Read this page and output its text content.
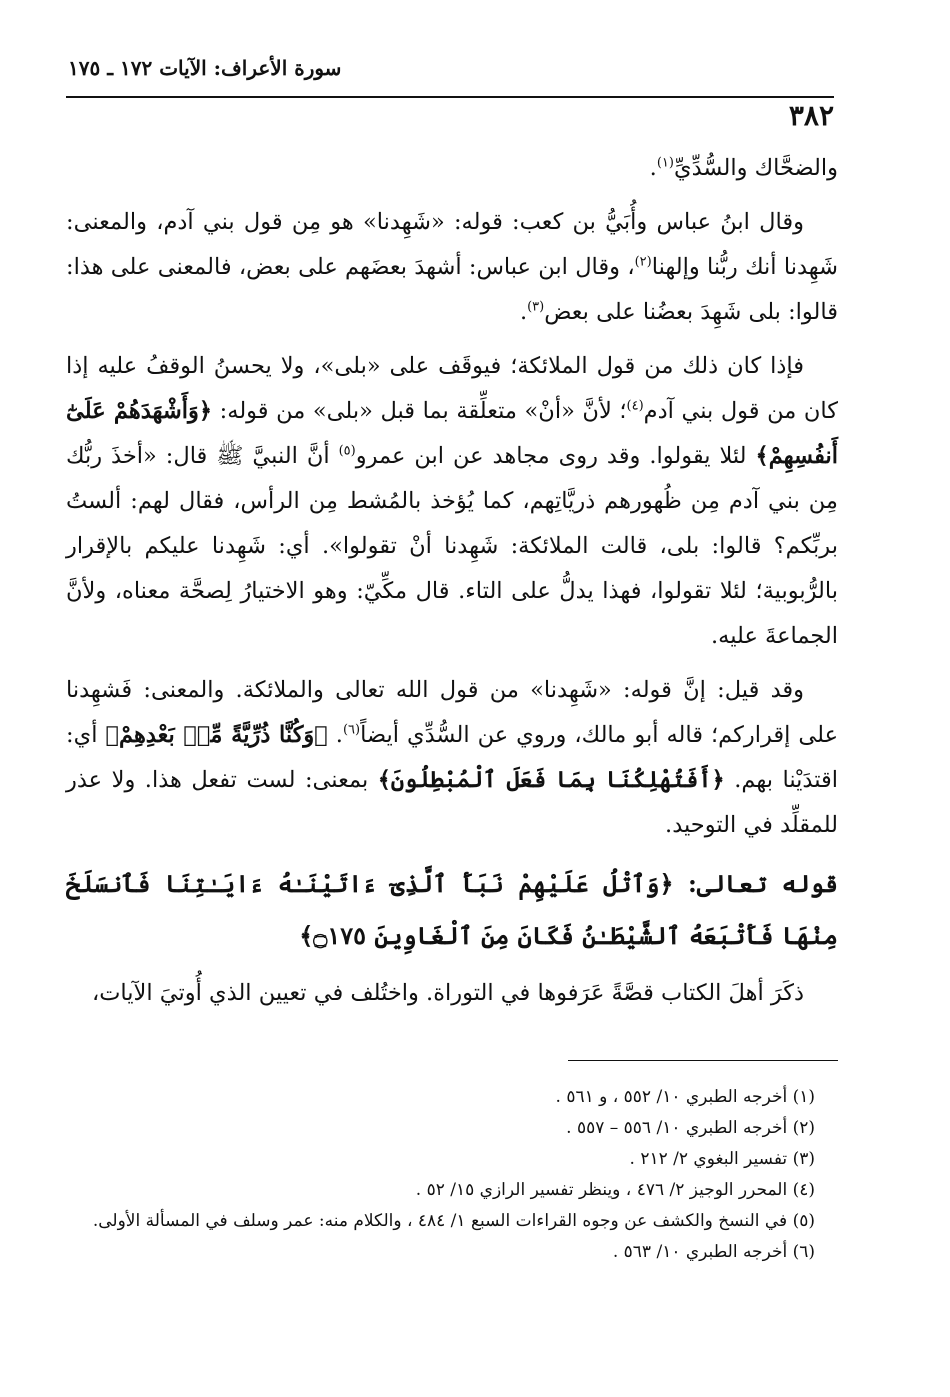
٣٨٢
سورة الأعراف: الآيات ١٧٢ ـ ١٧٥

والضحَّاك والسُّدِّيِّ$^{(١)}$.

وقال ابنُ عباس وأُبَيُّ بن كعب: قوله: «شَهِدنا» هو مِن قول بني آدم، والمعنى: شَهِدنا أنك ربُّنا وإلهنا$^{(٢)}$، وقال ابن عباس: أشهدَ بعضَهم على بعض، فالمعنى على هذا: قالوا: بلى شَهِدَ بعضُنا على بعض$^{(٣)}$.

فإذا كان ذلك من قول الملائكة؛ فيوقَف على «بلى»، ولا يحسنُ الوقفُ عليه إذا كان من قول بني آدم$^{(٤)}$؛ لأنَّ «أنْ» متعلِّقة بما قبل «بلى» من قوله: ﴿وَأَشْهَدَهُمْ عَلَىٰٓ أَنفُسِهِمْ﴾ لئلا يقولوا. وقد روى مجاهد عن ابن عمرو$^{(٥)}$ أنَّ النبيَّ ﷺ قال: «أخذَ ربُّك مِن بني آدم مِن ظُهورهم ذريَّاتِهم، كما يُؤخذ بالمُشط مِن الرأس، فقال لهم: ألستُ بربِّكم؟ قالوا: بلى، قالت الملائكة: شَهِدنا أنْ تقولوا». أي: شَهِدنا عليكم بالإقرار بالرُّبوبية؛ لئلا تقولوا، فهذا يدلُّ على التاء. قال مكِّيّ: وهو الاختيارُ لِصحَّة معناه، ولأنَّ الجماعةَ عليه.

وقد قيل: إنَّ قوله: «شَهِدنا» من قول الله تعالى والملائكة. والمعنى: فَشهِدنا على إقراركم؛ قاله أبو مالك، وروي عن السُّدِّي أيضاً$^{(٦)}$. ﴿وَكُنَّا ذُرِّيَّةً مِّنۢ بَعْدِهِمْ﴾ أي: اقتدَيْنا بهم. ﴿أَفَتُهْلِكُنَا بِمَا فَعَلَ ٱلْمُبْطِلُونَ﴾ بمعنى: لست تفعل هذا. ولا عذر للمقلِّد في التوحيد.

قوله تعالى: ﴿وَٱتْلُ عَلَيْهِمْ نَبَأَ ٱلَّذِىٓ ءَاتَيْنَـٰهُ ءَايَـٰتِنَا فَٱنسَلَخَ مِنْهَا فَأَتْبَعَهُ ٱلشَّيْطَـٰنُ فَكَانَ مِنَ ٱلْغَاوِينَ ۝١٧٥﴾

ذكَرَ أهلَ الكتاب قصَّةً عَرَفوها في التوراة. واختُلف في تعيين الذي أُوتيَ الآيات،

(١) أخرجه الطبري ١٠/ ٥٥٢ ، و ٥٦١ .
(٢) أخرجه الطبري ١٠/ ٥٥٦ – ٥٥٧ .
(٣) تفسير البغوي ٢/ ٢١٢ .
(٤) المحرر الوجيز ٢/ ٤٧٦ ، وينظر تفسير الرازي ١٥/ ٥٢ .
(٥) في النسخ والكشف عن وجوه القراءات السبع ١/ ٤٨٤ ، والكلام منه: عمر وسلف في المسألة الأولى.
(٦) أخرجه الطبري ١٠/ ٥٦٣ .
